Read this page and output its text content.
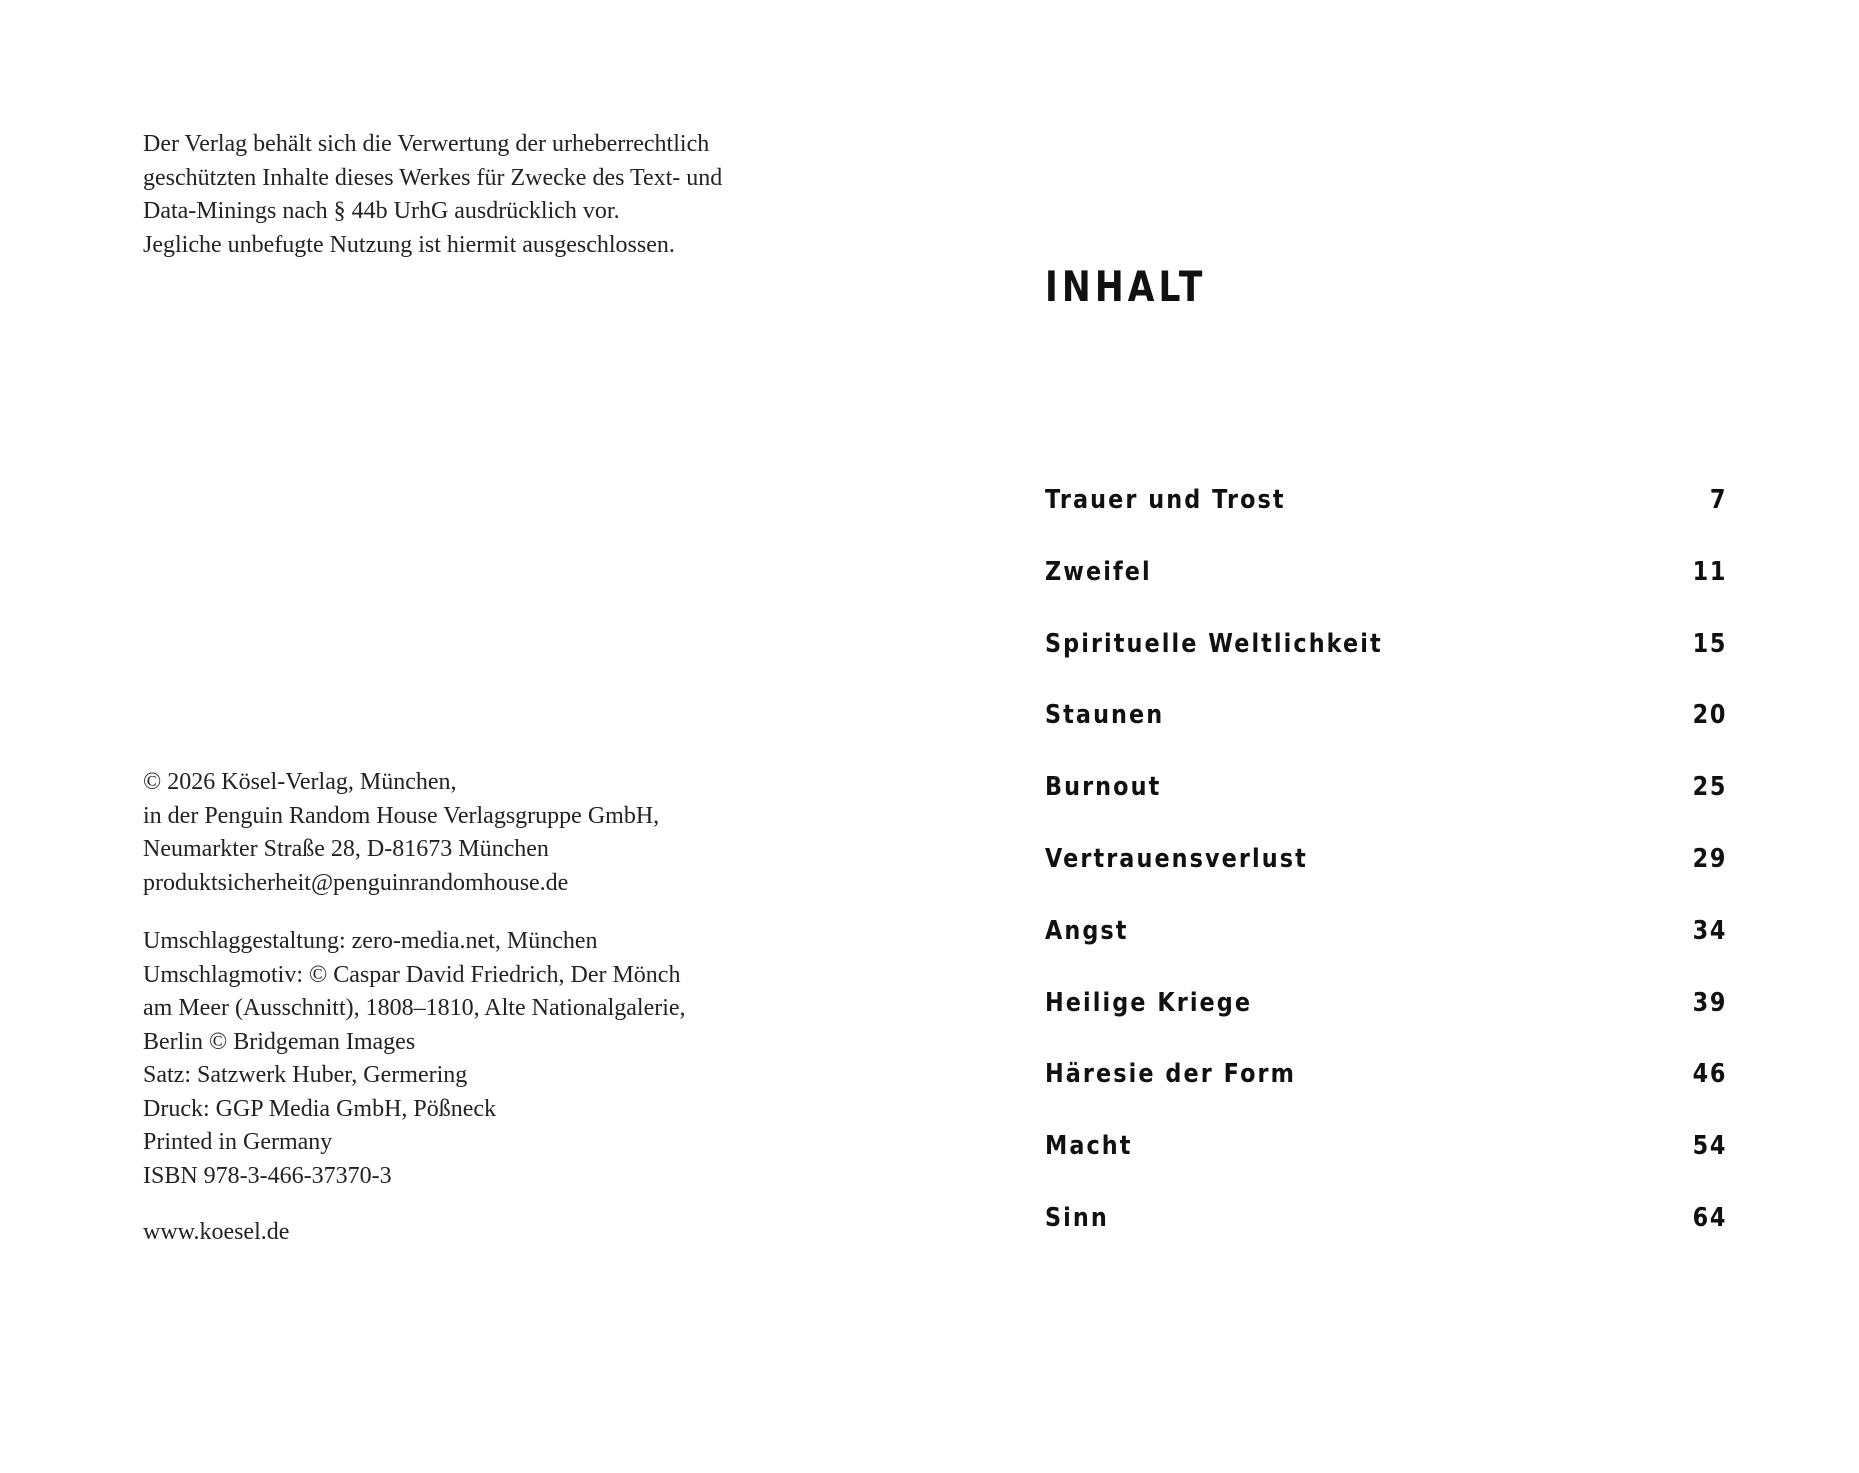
Der Verlag behält sich die Verwertung der urheberrechtlich
geschützten Inhalte dieses Werkes für Zwecke des Text- und
Data-Minings nach § 44b UrhG ausdrücklich vor.
Jegliche unbefugte Nutzung ist hiermit ausgeschlossen.
© 2026 Kösel-Verlag, München,
in der Penguin Random House Verlagsgruppe GmbH,
Neumarkter Straße 28, D-81673 München
produktsicherheit@penguinrandomhouse.de
Umschlaggestaltung: zero-media.net, München
Umschlagmotiv: © Caspar David Friedrich, Der Mönch
am Meer (Ausschnitt), 1808–1810, Alte Nationalgalerie,
Berlin © Bridgeman Images
Satz: Satzwerk Huber, Germering
Druck: GGP Media GmbH, Pößneck
Printed in Germany
ISBN 978-3-466-37370-3
www.koesel.de
INHALT
Trauer und Trost	7
Zweifel	11
Spirituelle Weltlichkeit	15
Staunen	20
Burnout	25
Vertrauensverlust	29
Angst	34
Heilige Kriege	39
Häresie der Form	46
Macht	54
Sinn	64
